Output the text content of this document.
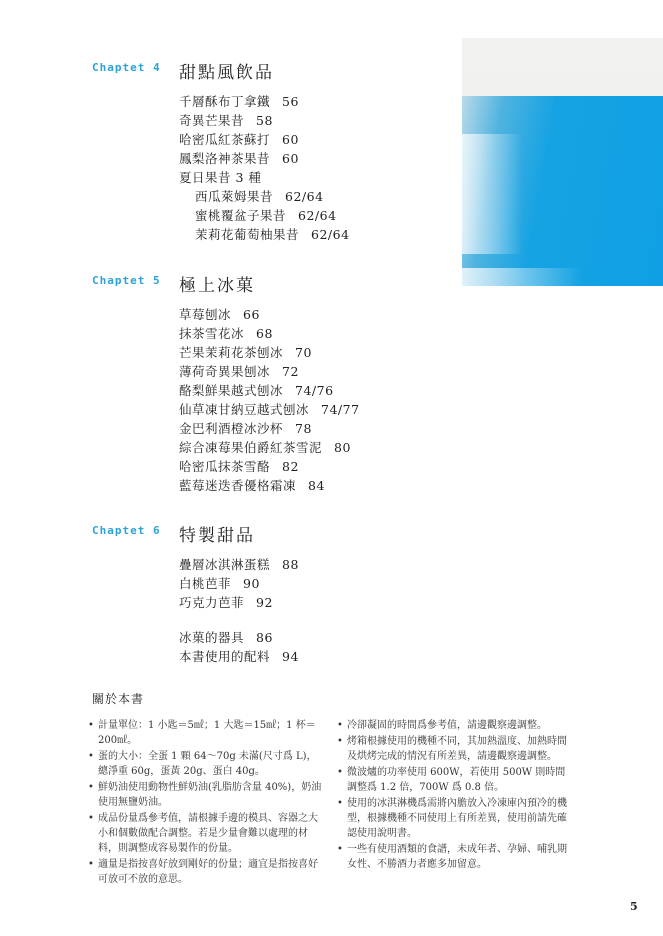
Chaptet 4	甜點風飲品
千層酥布丁拿鐵 56
奇異芒果昔 58
哈密瓜紅茶蘇打 60
鳳梨洛神茶果昔 60
夏日果昔 3 種
西瓜萊姆果昔 62/64
蜜桃覆盆子果昔 62/64
茉莉花葡萄柚果昔 62/64
Chaptet 5	極上冰菓
草莓刨冰 66
抹茶雪花冰 68
芒果茉莉花茶刨冰 70
薄荷奇異果刨冰 72
酪梨鮮果越式刨冰 74/76
仙草凍甘納豆越式刨冰 74/77
金巴利酒橙冰沙杯 78
綜合凍莓果伯爵紅茶雪泥 80
哈密瓜抹茶雪酪 82
藍莓迷迭香優格霜凍 84
Chaptet 6	特製甜品
疊層冰淇淋蛋糕 88
白桃芭菲 90
巧克力芭菲 92
冰菓的器具 86
本書使用的配料 94
關於本書
• 計量單位：1 小匙＝5㎖；1 大匙＝15㎖；1 杯＝200㎖。
• 蛋的大小：全蛋 1 顆 64～70g 未滿(尺寸爲 L)，總淨重 60g，蛋黃 20g、蛋白 40g。
• 鮮奶油使用動物性鮮奶油(乳脂肪含量 40%)，奶油使用無鹽奶油。
• 成品份量爲參考值，請根據手邊的模具、容器之大小和個數做配合調整。若是少量會難以處理的材料，則調整成容易製作的份量。
• 適量是指按喜好放到剛好的份量；適宜是指按喜好可放可不放的意思。
• 冷卻凝固的時間爲參考值，請邊觀察邊調整。
• 烤箱根據使用的機種不同，其加熱溫度、加熱時間及烘烤完成的情況有所差異，請邊觀察邊調整。
• 微波爐的功率使用 600W，若使用 500W 則時間調整爲 1.2 倍，700W 爲 0.8 倍。
• 使用的冰淇淋機爲需將內膽放入冷凍庫內預冷的機型，根據機種不同使用上有所差異，使用前請先確認使用說明書。
• 一些有使用酒類的食譜，未成年者、孕婦、哺乳期女性、不勝酒力者應多加留意。
5
